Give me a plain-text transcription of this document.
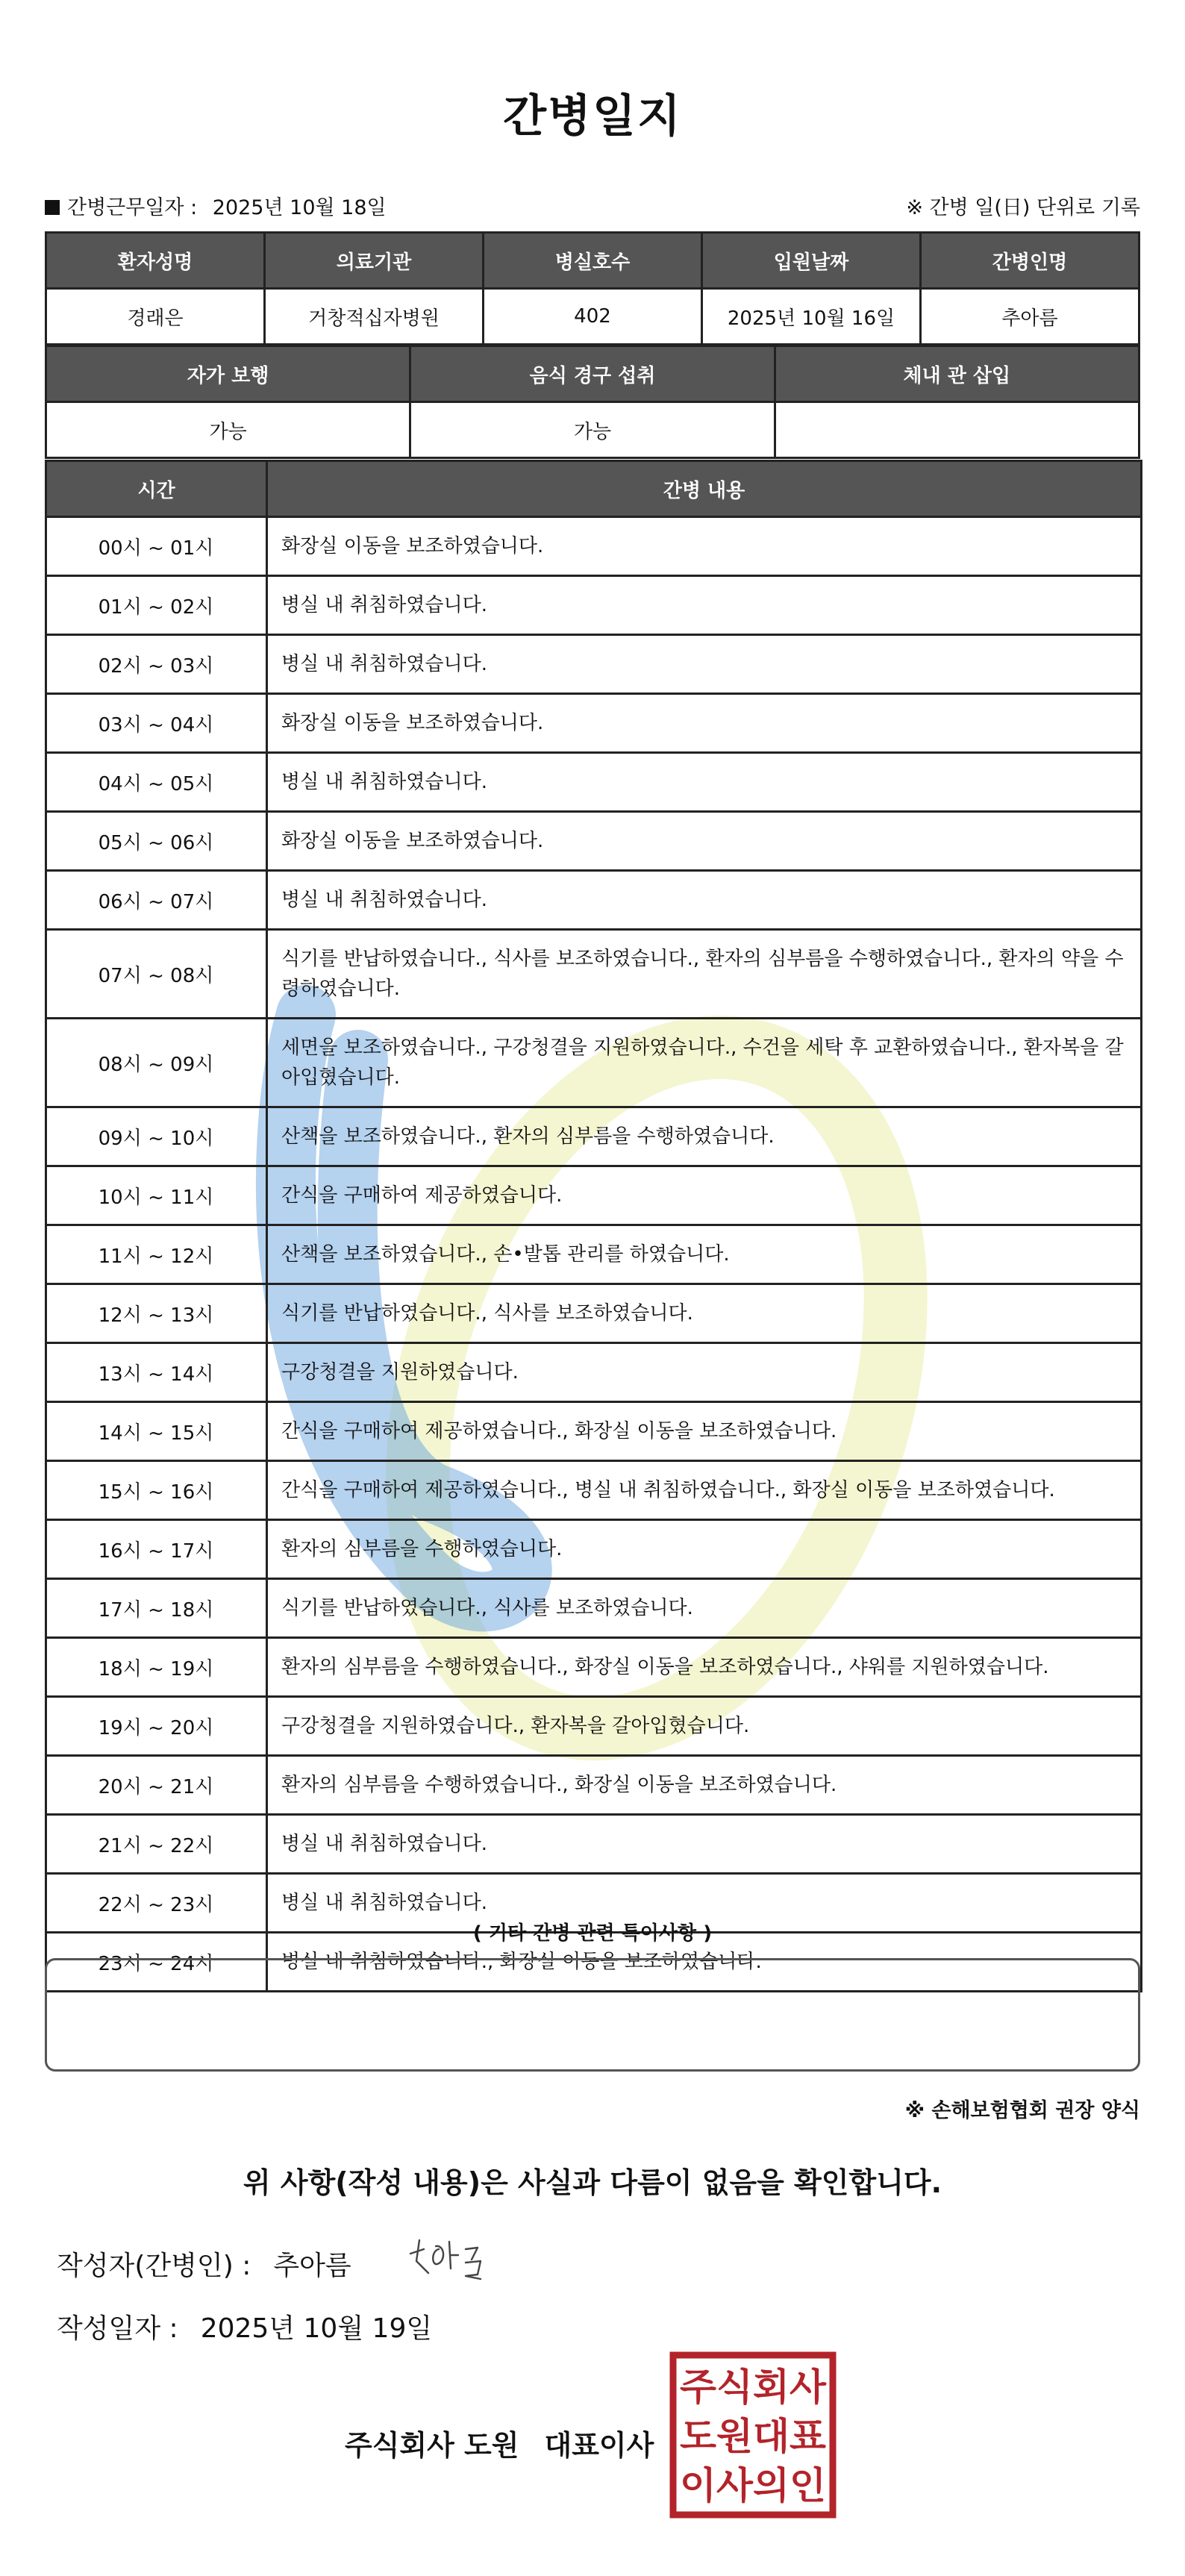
간병일지
간병근무일자 : 2025년 10월 18일	※ 간병 일(日) 단위로 기록
환자성명	의료기관	병실호수	입원날짜	간병인명
경래은	거창적십자병원	402	2025년 10월 16일	추아름
자가 보행	음식 경구 섭취	체내 관 삽입
가능	가능	
시간	간병 내용
00시 ~ 01시	화장실 이동을 보조하였습니다.
01시 ~ 02시	병실 내 취침하였습니다.
02시 ~ 03시	병실 내 취침하였습니다.
03시 ~ 04시	화장실 이동을 보조하였습니다.
04시 ~ 05시	병실 내 취침하였습니다.
05시 ~ 06시	화장실 이동을 보조하였습니다.
06시 ~ 07시	병실 내 취침하였습니다.
07시 ~ 08시	식기를 반납하였습니다., 식사를 보조하였습니다., 환자의 심부름을 수행하였습니다., 환자의 약을 수령하였습니다.
08시 ~ 09시	세면을 보조하였습니다., 구강청결을 지원하였습니다., 수건을 세탁 후 교환하였습니다., 환자복을 갈아입혔습니다.
09시 ~ 10시	산책을 보조하였습니다., 환자의 심부름을 수행하였습니다.
10시 ~ 11시	간식을 구매하여 제공하였습니다.
11시 ~ 12시	산책을 보조하였습니다., 손•발톱 관리를 하였습니다.
12시 ~ 13시	식기를 반납하였습니다., 식사를 보조하였습니다.
13시 ~ 14시	구강청결을 지원하였습니다.
14시 ~ 15시	간식을 구매하여 제공하였습니다., 화장실 이동을 보조하였습니다.
15시 ~ 16시	간식을 구매하여 제공하였습니다., 병실 내 취침하였습니다., 화장실 이동을 보조하였습니다.
16시 ~ 17시	환자의 심부름을 수행하였습니다.
17시 ~ 18시	식기를 반납하였습니다., 식사를 보조하였습니다.
18시 ~ 19시	환자의 심부름을 수행하였습니다., 화장실 이동을 보조하였습니다., 샤워를 지원하였습니다.
19시 ~ 20시	구강청결을 지원하였습니다., 환자복을 갈아입혔습니다.
20시 ~ 21시	환자의 심부름을 수행하였습니다., 화장실 이동을 보조하였습니다.
21시 ~ 22시	병실 내 취침하였습니다.
22시 ~ 23시	병실 내 취침하였습니다.
23시 ~ 24시	병실 내 취침하였습니다., 화장실 이동을 보조하였습니다.
( 기타 간병 관련 특이사항 )
※ 손해보험협회 권장 양식
위 사항(작성 내용)은 사실과 다름이 없음을 확인합니다.
작성자(간병인) : 추아름
작성일자 : 2025년 10월 19일
주식회사 도원 대표이사
주식회사
도원대표
이사의인
